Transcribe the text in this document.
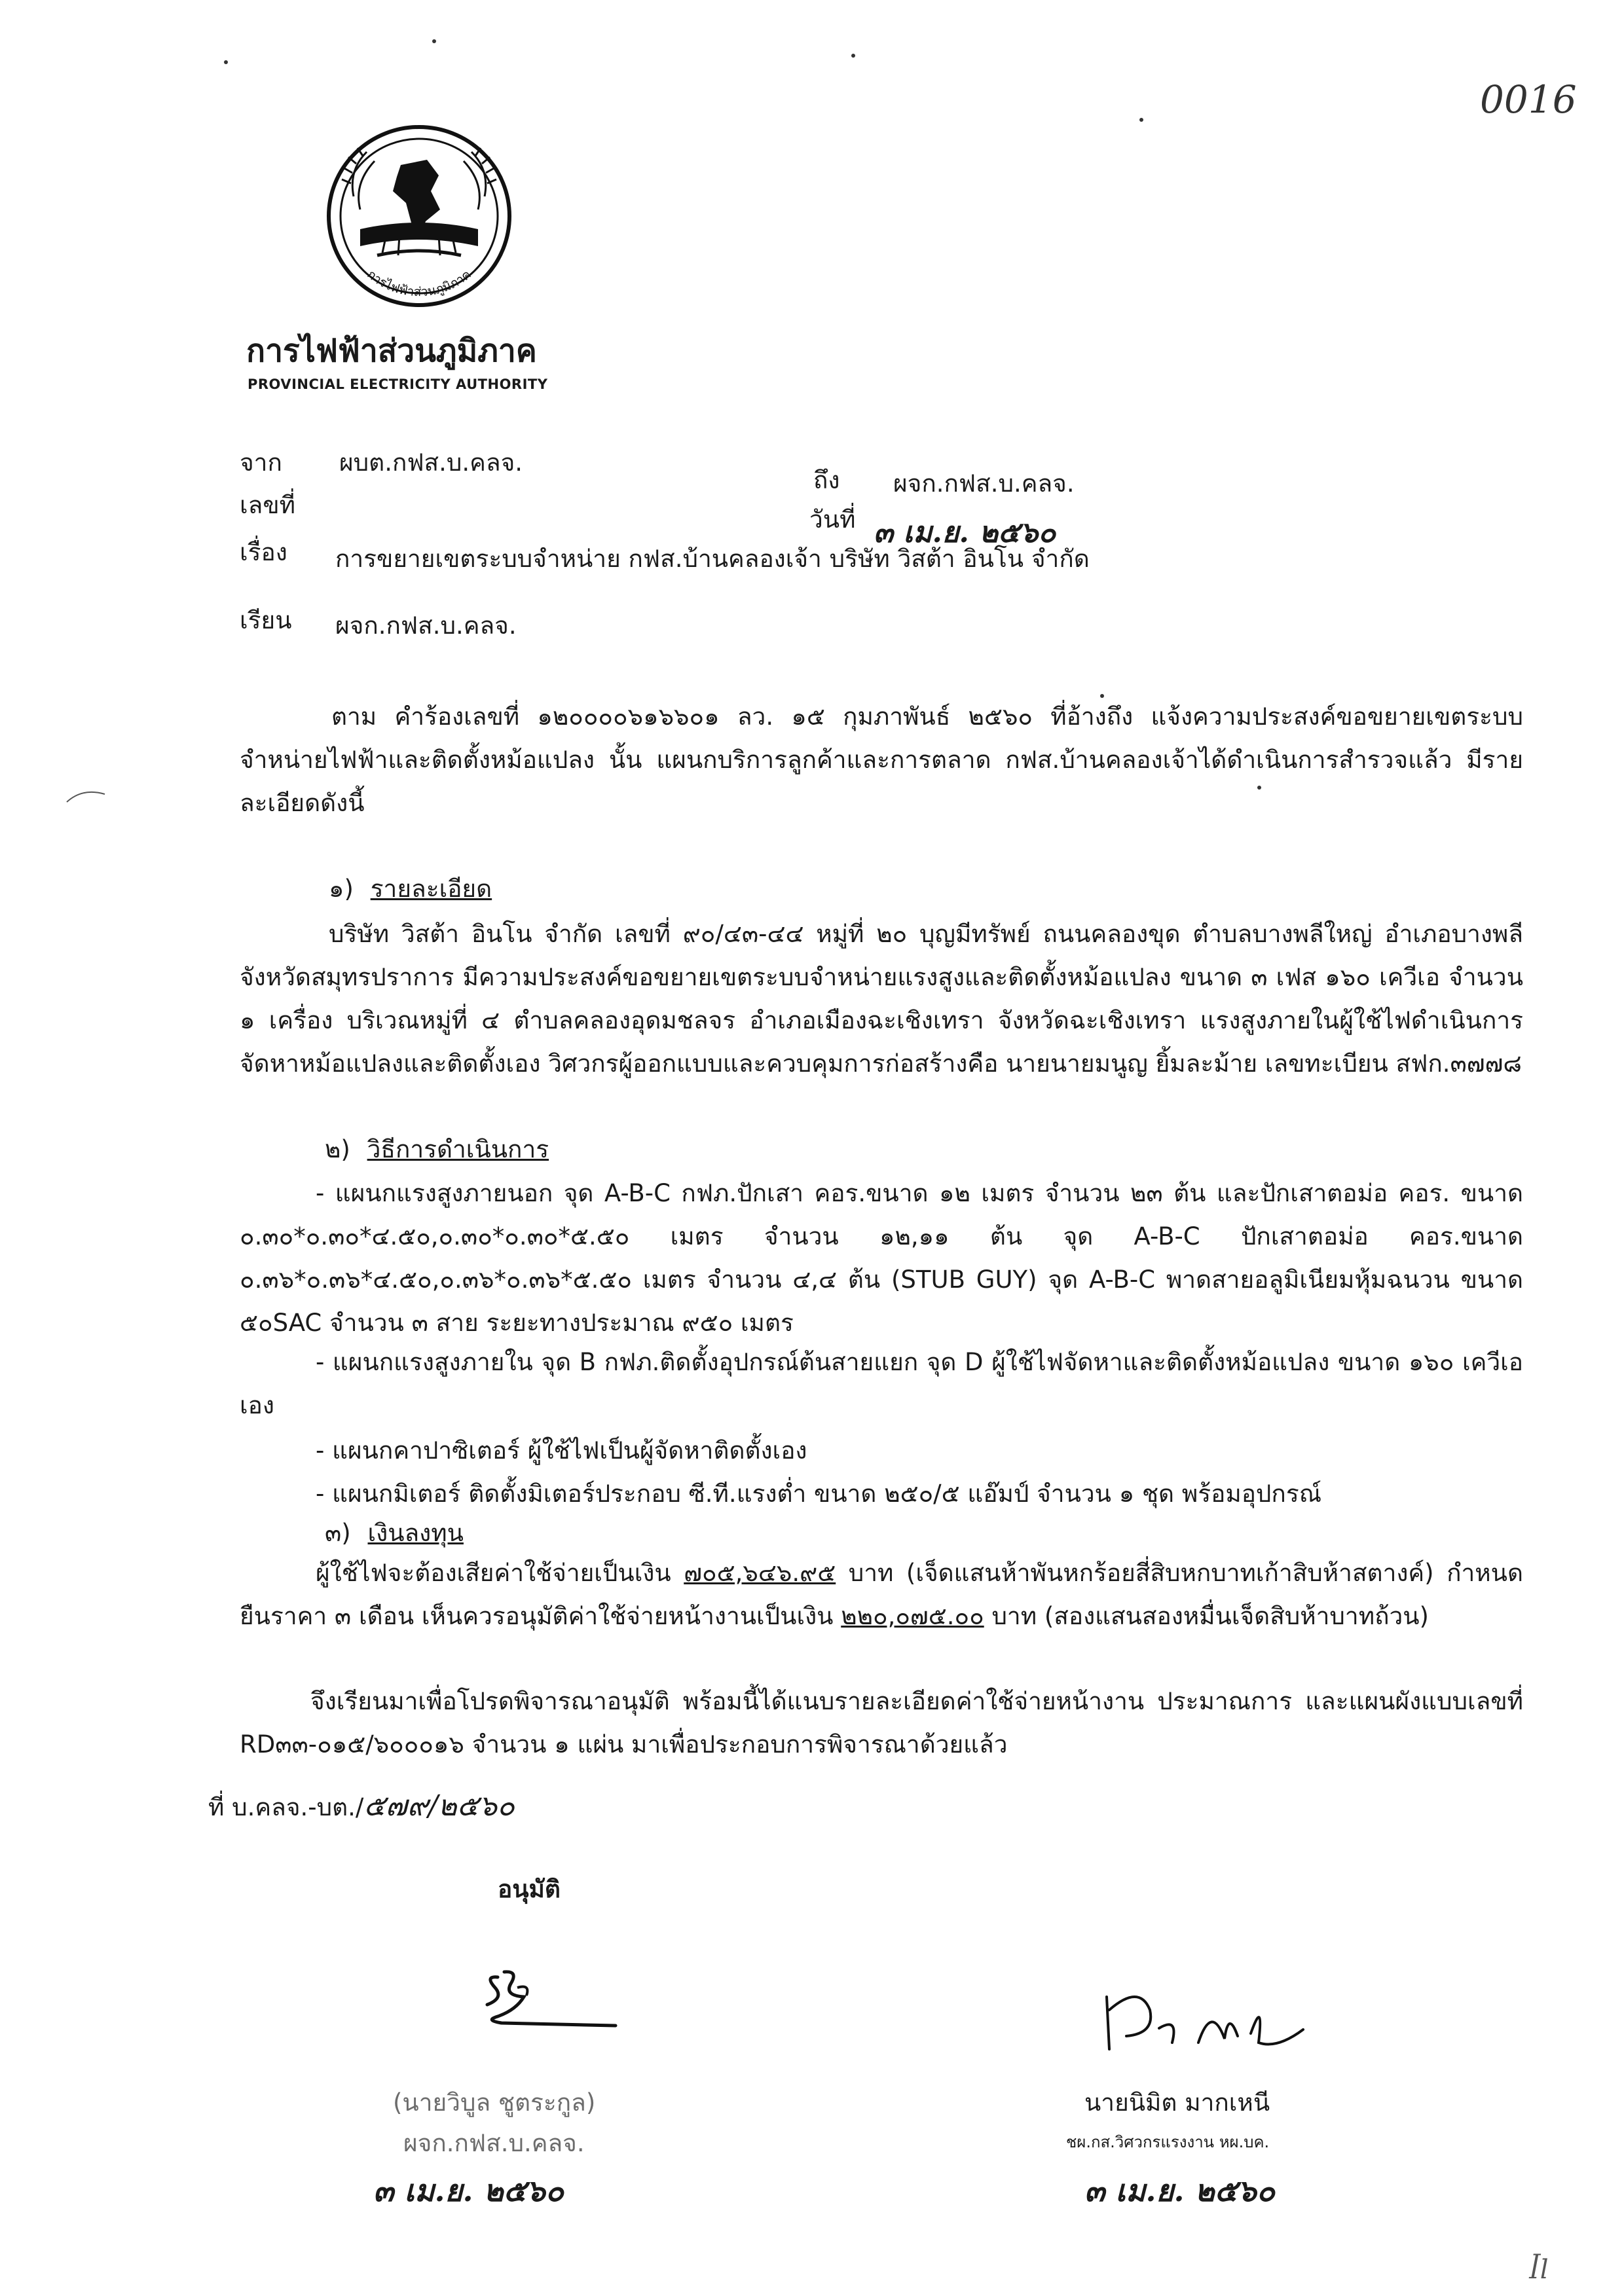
0016
การไฟฟ้าส่วนภูมิภาค
การไฟฟ้าส่วนภูมิภาค
PROVINCIAL ELECTRICITY AUTHORITY
จาก ผบต.กฟส.บ.คลจ.
ถึง ผจก.กฟส.บ.คลจ.
เลขที่
วันที่ ๓ เม.ย. ๒๕๖๐
เรื่อง การขยายเขตระบบจำหน่าย กฟส.บ้านคลองเจ้า บริษัท วิสต้า อินโน จำกัด
เรียน ผจก.กฟส.บ.คลจ.
ตาม คำร้องเลขที่ ๑๒๐๐๐๐๖๑๖๖๐๑ ลว. ๑๕ กุมภาพันธ์ ๒๕๖๐ ที่อ้างถึง แจ้งความประสงค์ขอขยายเขตระบบจำหน่ายไฟฟ้าและติดตั้งหม้อแปลง นั้น แผนกบริการลูกค้าและการตลาด กฟส.บ้านคลองเจ้าได้ดำเนินการสำรวจแล้ว มีรายละเอียดดังนี้
๑) รายละเอียด
บริษัท วิสต้า อินโน จำกัด เลขที่ ๙๐/๔๓-๔๔ หมู่ที่ ๒๐ บุญมีทรัพย์ ถนนคลองขุด ตำบลบางพลีใหญ่ อำเภอบางพลี จังหวัดสมุทรปราการ มีความประสงค์ขอขยายเขตระบบจำหน่ายแรงสูงและติดตั้งหม้อแปลง ขนาด ๓ เฟส ๑๖๐ เควีเอ จำนวน ๑ เครื่อง บริเวณหมู่ที่ ๔ ตำบลคลองอุดมชลจร อำเภอเมืองฉะเชิงเทรา จังหวัดฉะเชิงเทรา แรงสูงภายในผู้ใช้ไฟดำเนินการจัดหาหม้อแปลงและติดตั้งเอง วิศวกรผู้ออกแบบและควบคุมการก่อสร้างคือ นายนายมนูญ ยิ้มละม้าย เลขทะเบียน สฟก.๓๗๗๘
๒) วิธีการดำเนินการ
- แผนกแรงสูงภายนอก จุด A-B-C กฟภ.ปักเสา คอร.ขนาด ๑๒ เมตร จำนวน ๒๓ ต้น และปักเสาตอม่อ คอร. ขนาด ๐.๓๐*๐.๓๐*๔.๕๐,๐.๓๐*๐.๓๐*๕.๕๐ เมตร จำนวน ๑๒,๑๑ ต้น จุด A-B-C ปักเสาตอม่อ คอร.ขนาด ๐.๓๖*๐.๓๖*๔.๕๐,๐.๓๖*๐.๓๖*๕.๕๐ เมตร จำนวน ๔,๔ ต้น (STUB GUY) จุด A-B-C พาดสายอลูมิเนียมหุ้มฉนวน ขนาด ๕๐SAC จำนวน ๓ สาย ระยะทางประมาณ ๙๕๐ เมตร
- แผนกแรงสูงภายใน จุด B กฟภ.ติดตั้งอุปกรณ์ต้นสายแยก จุด D ผู้ใช้ไฟจัดหาและติดตั้งหม้อแปลง ขนาด ๑๖๐ เควีเอ เอง
- แผนกคาปาซิเตอร์ ผู้ใช้ไฟเป็นผู้จัดหาติดตั้งเอง
- แผนกมิเตอร์ ติดตั้งมิเตอร์ประกอบ ซี.ที.แรงต่ำ ขนาด ๒๕๐/๕ แอ๊มป์ จำนวน ๑ ชุด พร้อมอุปกรณ์
๓) เงินลงทุน
ผู้ใช้ไฟจะต้องเสียค่าใช้จ่ายเป็นเงิน ๗๐๕,๖๔๖.๙๕ บาท (เจ็ดแสนห้าพันหกร้อยสี่สิบหกบาทเก้าสิบห้าสตางค์) กำหนดยืนราคา ๓ เดือน เห็นควรอนุมัติค่าใช้จ่ายหน้างานเป็นเงิน ๒๒๐,๐๗๕.๐๐ บาท (สองแสนสองหมื่นเจ็ดสิบห้าบาทถ้วน)
จึงเรียนมาเพื่อโปรดพิจารณาอนุมัติ พร้อมนี้ได้แนบรายละเอียดค่าใช้จ่ายหน้างาน ประมาณการ และแผนผังแบบเลขที่ RD๓๓-๐๑๕/๖๐๐๐๑๖ จำนวน ๑ แผ่น มาเพื่อประกอบการพิจารณาด้วยแล้ว
ที่ บ.คลจ.-บต./๕๗๙/๒๕๖๐
อนุมัติ
(นายวิบูล ชูตระกูล)
ผจก.กฟส.บ.คลจ.
๓ เม.ย. ๒๕๖๐
นายนิมิต มากเหนี
ชผ.กส.วิศวกรแรงงาน หผ.บค.
๓ เม.ย. ๒๕๖๐
ꟾl
